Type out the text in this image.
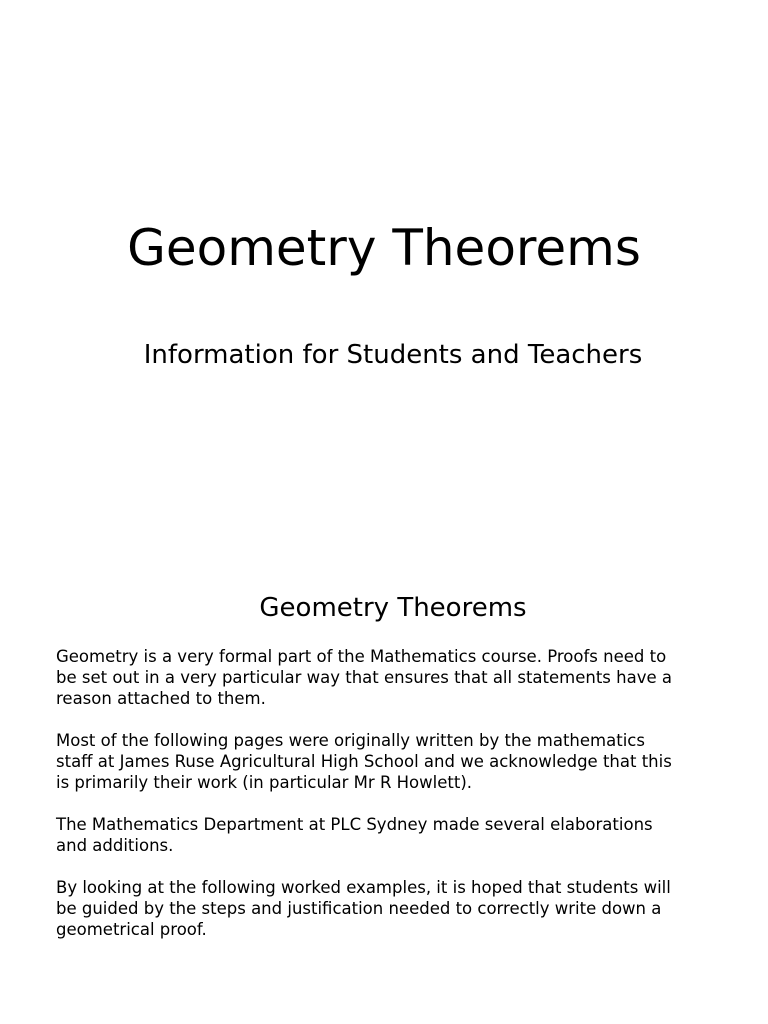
Geometry Theorems
Information for Students and Teachers
Geometry Theorems

Geometry is a very formal part of the Mathematics course. Proofs need to
be set out in a very particular way that ensures that all statements have a
reason attached to them.

Most of the following pages were originally written by the mathematics
staff at James Ruse Agricultural High School and we acknowledge that this
is primarily their work (in particular Mr R Howlett).

The Mathematics Department at PLC Sydney made several elaborations
and additions.

By looking at the following worked examples, it is hoped that students will
be guided by the steps and justification needed to correctly write down a
geometrical proof.
